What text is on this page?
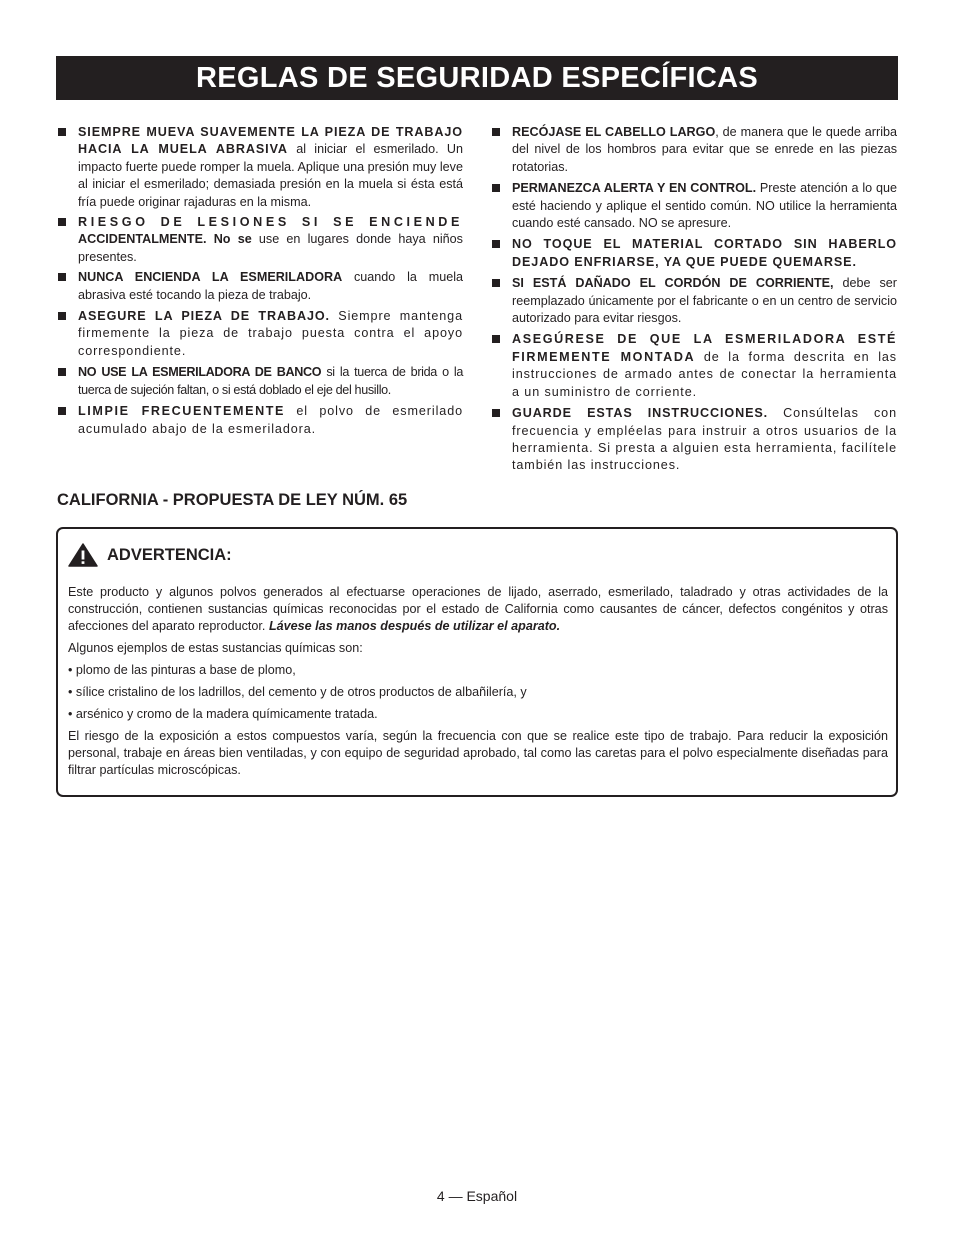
REGLAS DE SEGURIDAD ESPECÍFICAS
SIEMPRE MUEVA SUAVEMENTE LA PIEZA DE TRABAJO HACIA LA MUELA ABRASIVA al iniciar el esmerilado. Un impacto fuerte puede romper la muela. Aplique una presión muy leve al iniciar el esmerilado; demasiada presión en la muela si ésta está fría puede originar rajaduras en la misma.
RIESGO DE LESIONES SI SE ENCIENDE ACCIDENTALMENTE. No se use en lugares donde haya niños presentes.
NUNCA ENCIENDA LA ESMERILADORA cuando la muela abrasiva esté tocando la pieza de trabajo.
ASEGURE LA PIEZA DE TRABAJO. Siempre mantenga firmemente la pieza de trabajo puesta contra el apoyo correspondiente.
NO USE LA ESMERILADORA DE BANCO si la tuerca de brida o la tuerca de sujeción faltan, o si está doblado el eje del husillo.
LIMPIE FRECUENTEMENTE el polvo de esmerilado acumulado abajo de la esmeriladora.
RECÓJASE EL CABELLO LARGO, de manera que le quede arriba del nivel de los hombros para evitar que se enrede en las piezas rotatorias.
PERMANEZCA ALERTA Y EN CONTROL. Preste atención a lo que esté haciendo y aplique el sentido común. NO utilice la herramienta cuando esté cansado. NO se apresure.
NO TOQUE EL MATERIAL CORTADO SIN HABERLO DEJADO ENFRIARSE, YA QUE PUEDE QUEMARSE.
SI ESTÁ DAÑADO EL CORDÓN DE CORRIENTE, debe ser reemplazado únicamente por el fabricante o en un centro de servicio autorizado para evitar riesgos.
ASEGÚRESE DE QUE LA ESMERILADORA ESTÉ FIRMEMENTE MONTADA de la forma descrita en las instrucciones de armado antes de conectar la herramienta a un suministro de corriente.
GUARDE ESTAS INSTRUCCIONES. Consúltelas con frecuencia y empléelas para instruir a otros usuarios de la herramienta. Si presta a alguien esta herramienta, facilítele también las instrucciones.
CALIFORNIA - PROPUESTA DE LEY NÚM. 65
ADVERTENCIA:

Este producto y algunos polvos generados al efectuarse operaciones de lijado, aserrado, esmerilado, taladrado y otras actividades de la construcción, contienen sustancias químicas reconocidas por el estado de California como causantes de cáncer, defectos congénitos y otras afecciones del aparato reproductor. Lávese las manos después de utilizar el aparato.

Algunos ejemplos de estas sustancias químicas son:

• plomo de las pinturas a base de plomo,

• sílice cristalino de los ladrillos, del cemento y de otros productos de albañilería, y

• arsénico y cromo de la madera químicamente tratada.

El riesgo de la exposición a estos compuestos varía, según la frecuencia con que se realice este tipo de trabajo. Para reducir la exposición personal, trabaje en áreas bien ventiladas, y con equipo de seguridad aprobado, tal como las caretas para el polvo especialmente diseñadas para filtrar partículas microscópicas.

4 — Español
